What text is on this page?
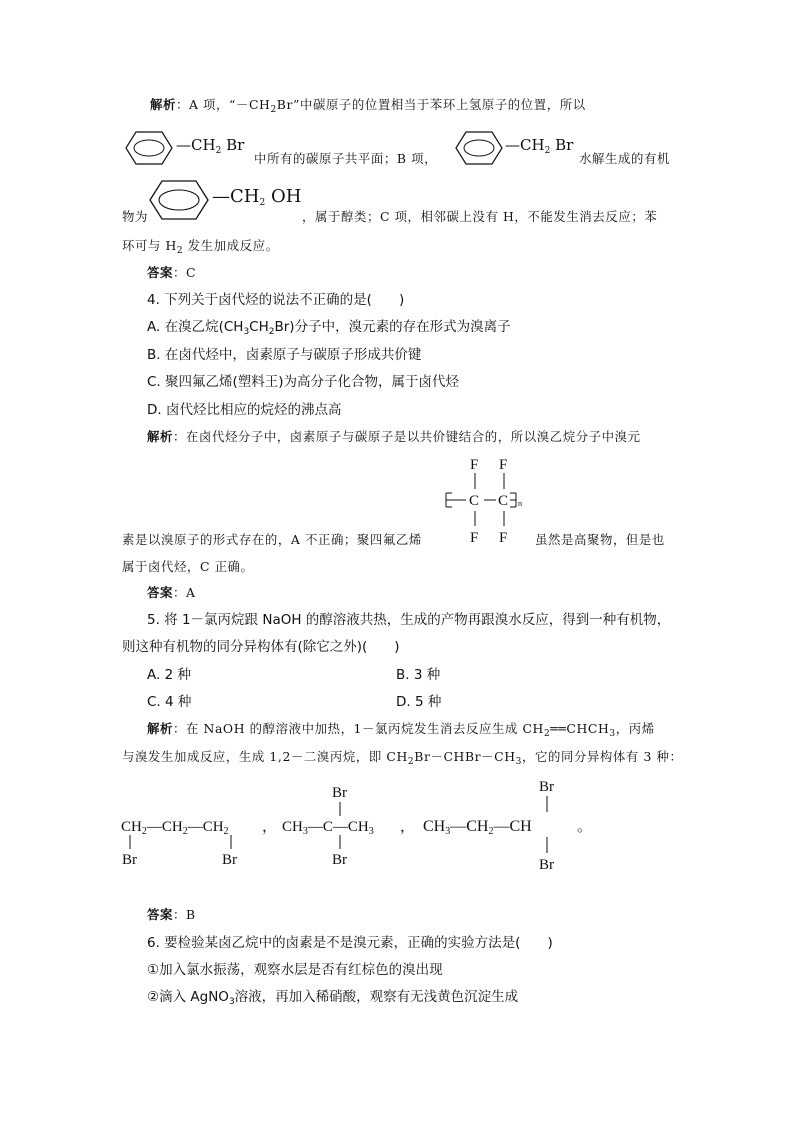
解析：A 项，“$-CH_2Br$”中碳原子的位置相当于苯环上氢原子的位置，所以
F F
C C n
F F
$CH_2—CH_2—CH_2$
Br	Br
，
Br
$CH_3—C—CH_3$
Br
，
Br
CH3—CH2—CH
Br
。
$—CH_2$ Br
中所有的碳原子共平面；B 项，
$—CH_2$ Br
水解生成的有机
$—CH_2$ OH
物为	，属于醇类；C 项，相邻碳上没有 H，不能发生消去反应；苯
环可与 $H_2$ 发生加成反应。
答案：C
4. 下列关于卤代烃的说法不正确的是(　　)
A. 在溴乙烷$(CH_3CH_2Br)$分子中，溴元素的存在形式为溴离子
B. 在卤代烃中，卤素原子与碳原子形成共价键
C. 聚四氟乙烯(塑料王)为高分子化合物，属于卤代烃
D. 卤代烃比相应的烷烃的沸点高
解析：在卤代烃分子中，卤素原子与碳原子是以共价键结合的，所以溴乙烷分子中溴元
素是以溴原子的形式存在的，A 不正确；聚四氟乙烯	虽然是高聚物，但是也
属于卤代烃，C 正确。
答案：A
5. 将 1－氯丙烷跟 NaOH 的醇溶液共热，生成的产物再跟溴水反应，得到一种有机物，
则这种有机物的同分异构体有(除它之外)(　　)
A. 2 种	B. 3 种
C. 4 种	D. 5 种
解析：在 NaOH 的醇溶液中加热，1－氯丙烷发生消去反应生成 $CH_2══CHCH_3$，丙烯
与溴发生加成反应，生成 1,2－二溴丙烷，即 $CH_2Br-CHBr-CH_3$，它的同分异构体有 3 种：
答案：B
6. 要检验某卤乙烷中的卤素是不是溴元素，正确的实验方法是(　　)
①加入氯水振荡，观察水层是否有红棕色的溴出现
②滴入 AgNO$_3$溶液，再加入稀硝酸，观察有无浅黄色沉淀生成
